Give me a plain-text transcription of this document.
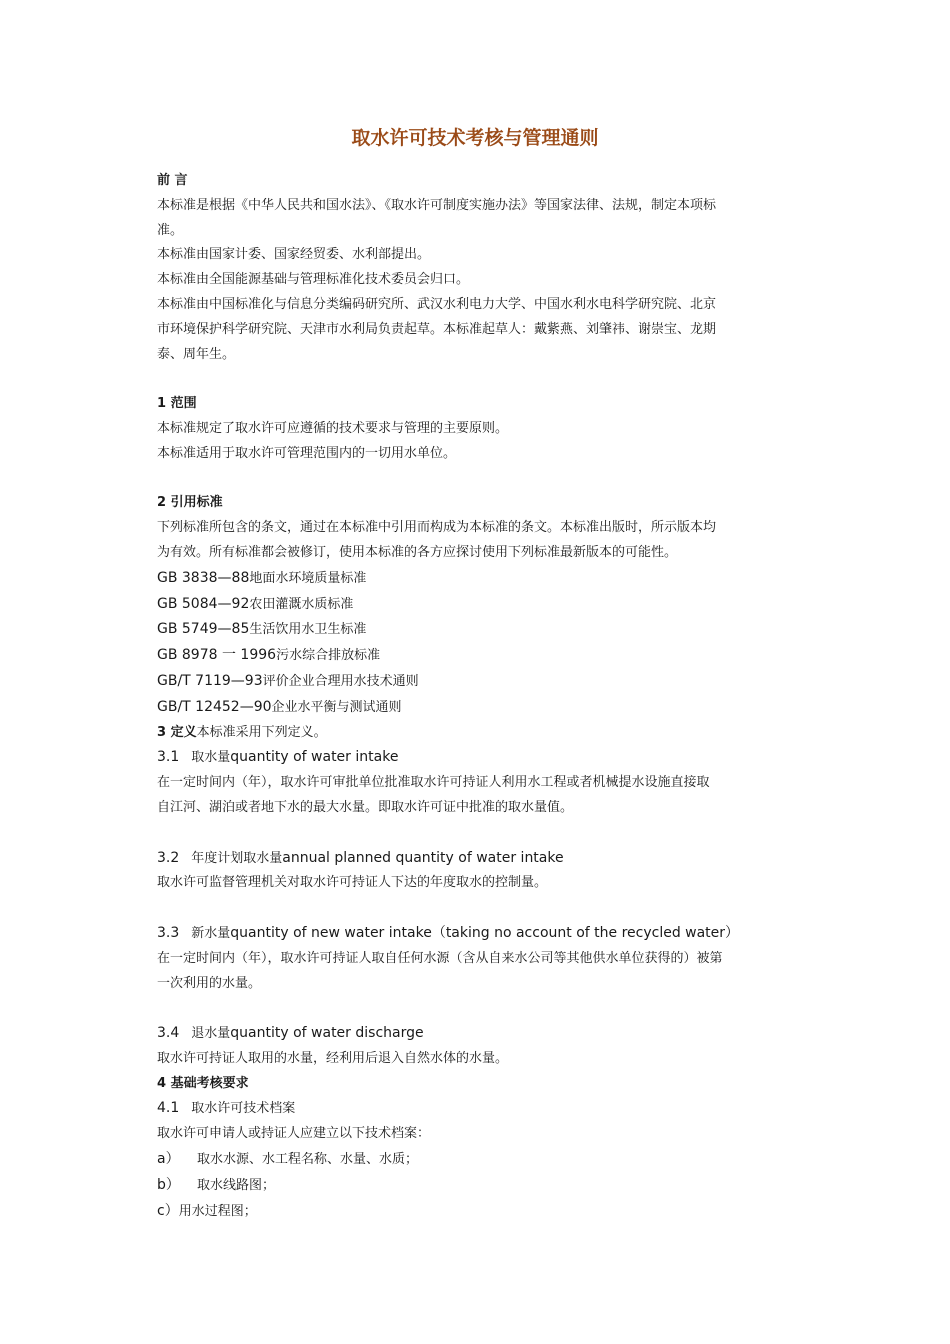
取水许可技术考核与管理通则
前 言
本标准是根据《中华人民共和国水法》、《取水许可制度实施办法》等国家法律、法规，制定本项标
准。
本标准由国家计委、国家经贸委、水利部提出。
本标准由全国能源基础与管理标准化技术委员会归口。
本标准由中国标准化与信息分类编码研究所、武汉水利电力大学、中国水利水电科学研究院、北京
市环境保护科学研究院、天津市水利局负责起草。本标准起草人：戴紫燕、刘肇祎、谢崇宝、龙期
泰、周年生。
1 范围
本标准规定了取水许可应遵循的技术要求与管理的主要原则。
本标准适用于取水许可管理范围内的一切用水单位。
2 引用标准
下列标准所包含的条文，通过在本标准中引用而构成为本标准的条文。本标准出版时，所示版本均
为有效。所有标准都会被修订，使用本标准的各方应探讨使用下列标准最新版本的可能性。
GB 3838—88地面水环境质量标准
GB 5084—92农田灌溉水质标准
GB 5749—85生活饮用水卫生标准
GB 8978 一 1996污水综合排放标准
GB/T 7119—93评价企业合理用水技术通则
GB/T 12452—90企业水平衡与测试通则
3 定义本标准采用下列定义。
3.1 取水量quantity of water intake
在一定时间内（年），取水许可审批单位批准取水许可持证人利用水工程或者机械提水设施直接取
自江河、湖泊或者地下水的最大水量。即取水许可证中批准的取水量值。
3.2 年度计划取水量annual planned quantity of water intake
取水许可监督管理机关对取水许可持证人下达的年度取水的控制量。
3.3 新水量quantity of new water intake（taking no account of the recycled water）
在一定时间内（年），取水许可持证人取自任何水源（含从自来水公司等其他供水单位获得的）被第
一次利用的水量。
3.4 退水量quantity of water discharge
取水许可持证人取用的水量，经利用后退入自然水体的水量。
4 基础考核要求
4.1 取水许可技术档案
取水许可申请人或持证人应建立以下技术档案：
a） 取水水源、水工程名称、水量、水质；
b） 取水线路图；
c）用水过程图；
